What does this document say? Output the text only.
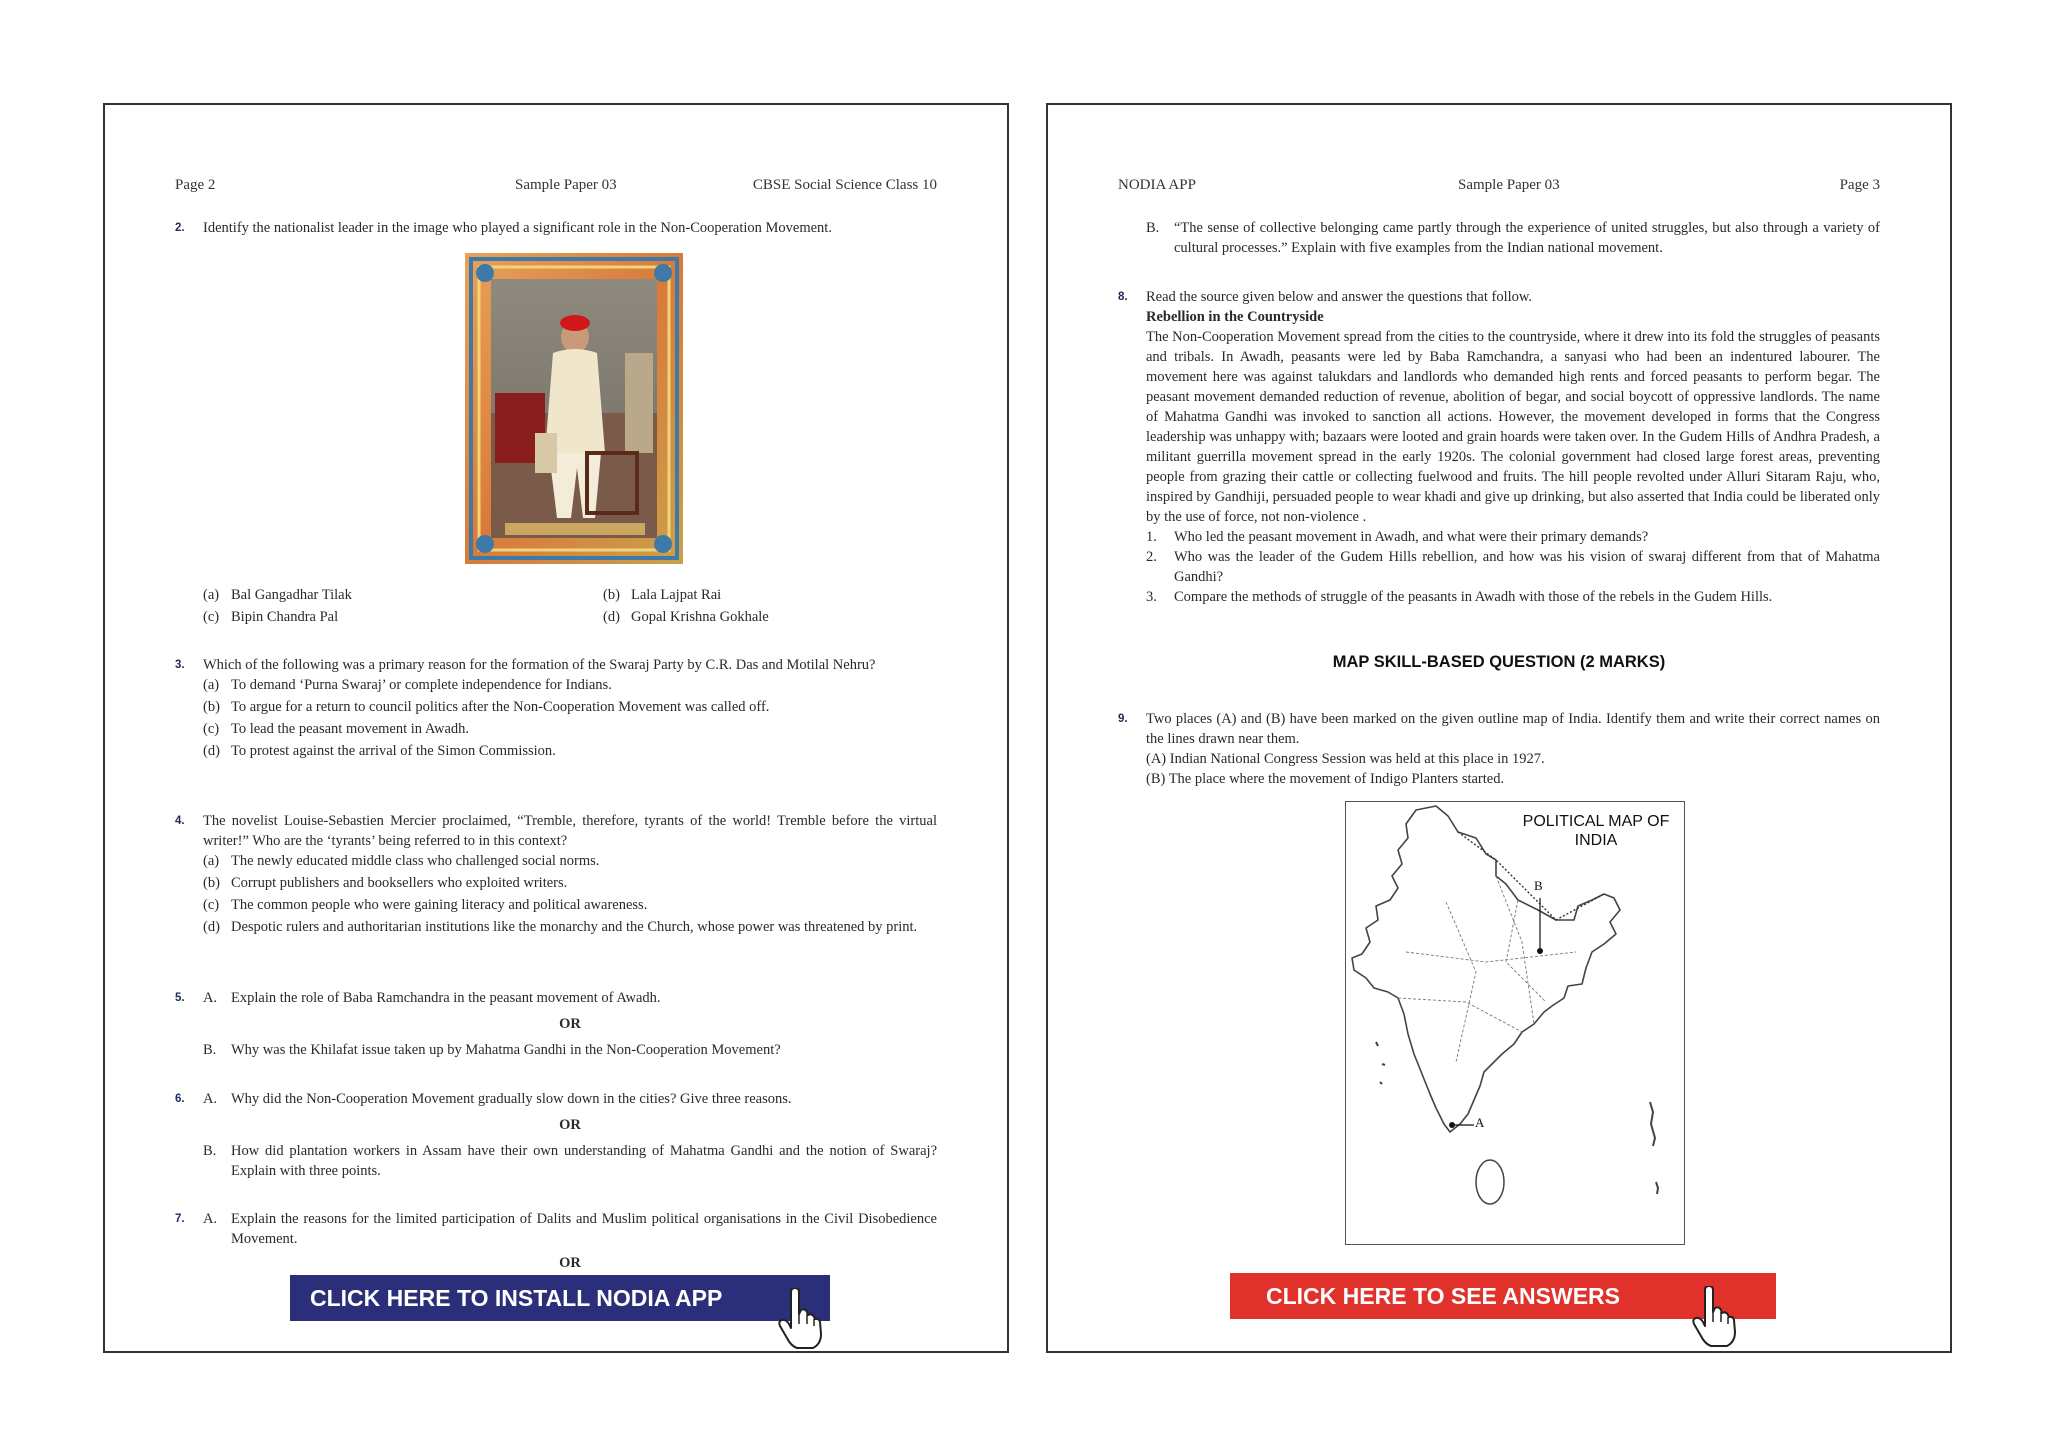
Page 2	Sample Paper 03	CBSE Social Science Class 10
2. Identify the nationalist leader in the image who played a significant role in the Non-Cooperation Movement.
(a) Bal Gangadhar Tilak	(b) Lala Lajpat Rai
(c) Bipin Chandra Pal	(d) Gopal Krishna Gokhale
3. Which of the following was a primary reason for the formation of the Swaraj Party by C.R. Das and Motilal Nehru?
(a) To demand ‘Purna Swaraj’ or complete independence for Indians.
(b) To argue for a return to council politics after the Non-Cooperation Movement was called off.
(c) To lead the peasant movement in Awadh.
(d) To protest against the arrival of the Simon Commission.
4. The novelist Louise-Sebastien Mercier proclaimed, “Tremble, therefore, tyrants of the world! Tremble before the virtual writer!” Who are the ‘tyrants’ being referred to in this context?
(a) The newly educated middle class who challenged social norms.
(b) Corrupt publishers and booksellers who exploited writers.
(c) The common people who were gaining literacy and political awareness.
(d) Despotic rulers and authoritarian institutions like the monarchy and the Church, whose power was threatened by print.
5. A. Explain the role of Baba Ramchandra in the peasant movement of Awadh.
OR
B.	Why was the Khilafat issue taken up by Mahatma Gandhi in the Non-Cooperation Movement?
6. A. Why did the Non-Cooperation Movement gradually slow down in the cities? Give three reasons.
OR
B.	How did plantation workers in Assam have their own understanding of Mahatma Gandhi and the notion of Swaraj? Explain with three points.
7. A. Explain the reasons for the limited participation of Dalits and Muslim political organisations in the Civil Disobedience Movement.
OR
CLICK HERE TO INSTALL NODIA APP
NODIA APP	Sample Paper 03	Page 3
B.	“The sense of collective belonging came partly through the experience of united struggles, but also through a variety of cultural processes.” Explain with five examples from the Indian national movement.
8. Read the source given below and answer the questions that follow.
Rebellion in the Countryside
The Non-Cooperation Movement spread from the cities to the countryside, where it drew into its fold the struggles of peasants and tribals. In Awadh, peasants were led by Baba Ramchandra, a sanyasi who had been an indentured labourer. The movement here was against talukdars and landlords who demanded high rents and forced peasants to perform begar. The peasant movement demanded reduction of revenue, abolition of begar, and social boycott of oppressive landlords. The name of Mahatma Gandhi was invoked to sanction all actions. However, the movement developed in forms that the Congress leadership was unhappy with; bazaars were looted and grain hoards were taken over. In the Gudem Hills of Andhra Pradesh, a militant guerrilla movement spread in the early 1920s. The colonial government had closed large forest areas, preventing people from grazing their cattle or collecting fuelwood and fruits. The hill people revolted under Alluri Sitaram Raju, who, inspired by Gandhiji, persuaded people to wear khadi and give up drinking, but also asserted that India could be liberated only by the use of force, not non-violence .
1.	Who led the peasant movement in Awadh, and what were their primary demands?
2.	Who was the leader of the Gudem Hills rebellion, and how was his vision of swaraj different from that of Mahatma Gandhi?
3.	Compare the methods of struggle of the peasants in Awadh with those of the rebels in the Gudem Hills.
MAP SKILL-BASED QUESTION (2 MARKS)
9. Two places (A) and (B) have been marked on the given outline map of India. Identify them and write their correct names on the lines drawn near them.
(A) Indian National Congress Session was held at this place in 1927.
(B) The place where the movement of Indigo Planters started.
POLITICAL MAP OF
INDIA
A
B
CLICK HERE TO SEE ANSWERS
